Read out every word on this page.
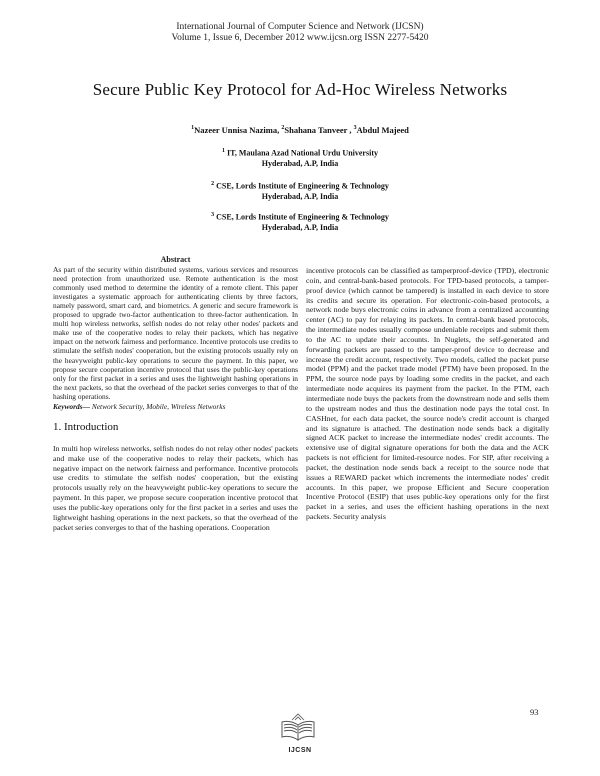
International Journal of Computer Science and Network (IJCSN)
Volume 1, Issue 6, December 2012 www.ijcsn.org ISSN 2277-5420
Secure Public Key Protocol for Ad-Hoc Wireless Networks
$^1$Nazeer Unnisa Nazima, $^2$Shahana Tanveer , $^3$Abdul Majeed
$^1$ IT, Maulana Azad National Urdu University
Hyderabad, A.P, India
$^2$ CSE, Lords Institute of Engineering & Technology
Hyderabad, A.P, India
$^3$ CSE, Lords Institute of Engineering & Technology
Hyderabad, A.P, India
Abstract
As part of the security within distributed systems, various services and resources need protection from unauthorized use. Remote authentication is the most commonly used method to determine the identity of a remote client. This paper investigates a systematic approach for authenticating clients by three factors, namely password, smart card, and biometrics. A generic and secure framework is proposed to upgrade two-factor authentication to three-factor authentication. In multi hop wireless networks, selfish nodes do not relay other nodes' packets and make use of the cooperative nodes to relay their packets, which has negative impact on the network fairness and performance. Incentive protocols use credits to stimulate the selfish nodes' cooperation, but the existing protocols usually rely on the heavyweight public-key operations to secure the payment. In this paper, we propose secure cooperation incentive protocol that uses the public-key operations only for the first packet in a series and uses the lightweight hashing operations in the next packets, so that the overhead of the packet series converges to that of the hashing operations.
Keywords— Network Security, Mobile, Wireless Networks
1. Introduction
In multi hop wireless networks, selfish nodes do not relay other nodes' packets and make use of the cooperative nodes to relay their packets, which has negative impact on the network fairness and performance. Incentive protocols use credits to stimulate the selfish nodes' cooperation, but the existing protocols usually rely on the heavyweight public-key operations to secure the payment. In this paper, we propose secure cooperation incentive protocol that uses the public-key operations only for the first packet in a series and uses the lightweight hashing operations in the next packets, so that the overhead of the packet series converges to that of the hashing operations. Cooperation
incentive protocols can be classified as tamperproof-device (TPD), electronic coin, and central-bank-based protocols. For TPD-based protocols, a tamper-proof device (which cannot be tampered) is installed in each device to store its credits and secure its operation. For electronic-coin-based protocols, a network node buys electronic coins in advance from a centralized accounting center (AC) to pay for relaying its packets. In central-bank based protocols, the intermediate nodes usually compose undeniable receipts and submit them to the AC to update their accounts. In Nuglets, the self-generated and forwarding packets are passed to the tamper-proof device to decrease and increase the credit account, respectively. Two models, called the packet purse model (PPM) and the packet trade model (PTM) have been proposed. In the PPM, the source node pays by loading some credits in the packet, and each intermediate node acquires its payment from the packet. In the PTM, each intermediate node buys the packets from the downstream node and sells them to the upstream nodes and thus the destination node pays the total cost. In CASHnet, for each data packet, the source node's credit account is charged and its signature is attached. The destination node sends back a digitally signed ACK packet to increase the intermediate nodes' credit accounts. The extensive use of digital signature operations for both the data and the ACK packets is not efficient for limited-resource nodes. For SIP, after receiving a packet, the destination node sends back a receipt to the source node that issues a REWARD packet which increments the intermediate nodes' credit accounts. In this paper, we propose Efficient and Secure cooperation Incentive Protocol (ESIP) that uses public-key operations only for the first packet in a series, and uses the efficient hashing operations in the next packets. Security analysis
93
IJCSN
